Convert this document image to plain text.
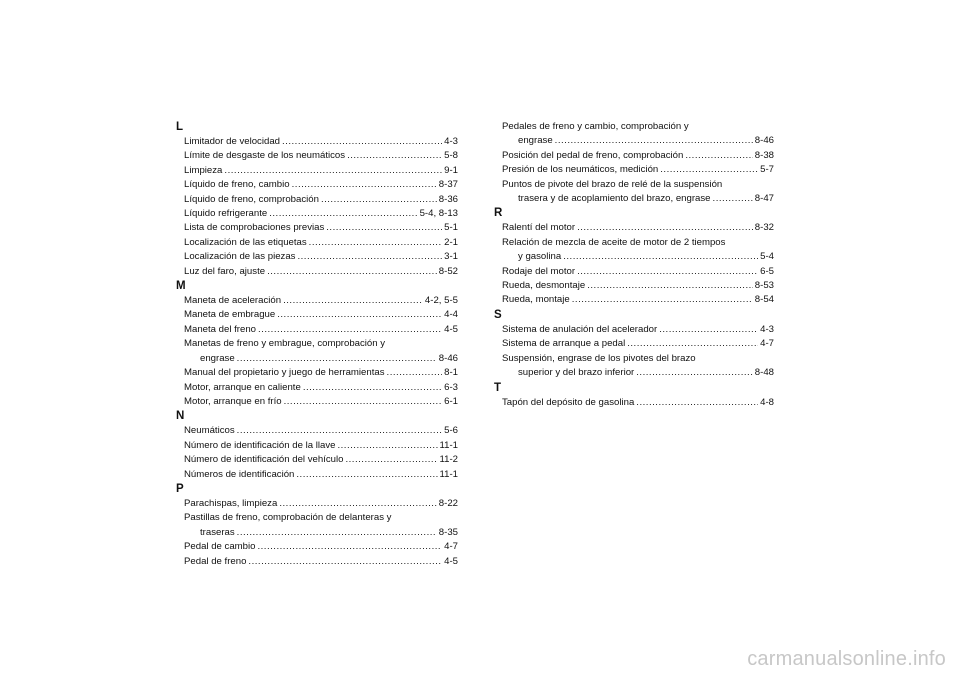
L
Limitador de velocidad .....	4-3
Límite de desgaste de los neumáticos .....	5-8
Limpieza .....	9-1
Líquido de freno, cambio .....	8-37
Líquido de freno, comprobación .....	8-36
Líquido refrigerante .....	5-4, 8-13
Lista de comprobaciones previas .....	5-1
Localización de las etiquetas .....	2-1
Localización de las piezas .....	3-1
Luz del faro, ajuste .....	8-52
M
Maneta de aceleración .....	4-2, 5-5
Maneta de embrague .....	4-4
Maneta del freno .....	4-5
Manetas de freno y embrague, comprobación y
engrase .....	8-46
Manual del propietario y juego de herramientas .....	8-1
Motor, arranque en caliente .....	6-3
Motor, arranque en frío .....	6-1
N
Neumáticos .....	5-6
Número de identificación de la llave .....	11-1
Número de identificación del vehículo .....	11-2
Números de identificación .....	11-1
P
Parachispas, limpieza .....	8-22
Pastillas de freno, comprobación de delanteras y
traseras .....	8-35
Pedal de cambio .....	4-7
Pedal de freno .....	4-5
Pedales de freno y cambio, comprobación y
engrase .....	8-46
Posición del pedal de freno, comprobación .....	8-38
Presión de los neumáticos, medición .....	5-7
Puntos de pivote del brazo de relé de la suspensión
trasera y de acoplamiento del brazo, engrase .....	8-47
R
Ralentí del motor .....	8-32
Relación de mezcla de aceite de motor de 2 tiempos
y gasolina .....	5-4
Rodaje del motor .....	6-5
Rueda, desmontaje .....	8-53
Rueda, montaje .....	8-54
S
Sistema de anulación del acelerador .....	4-3
Sistema de arranque a pedal .....	4-7
Suspensión, engrase de los pivotes del brazo
superior y del brazo inferior .....	8-48
T
Tapón del depósito de gasolina .....	4-8
carmanualsonline.info
